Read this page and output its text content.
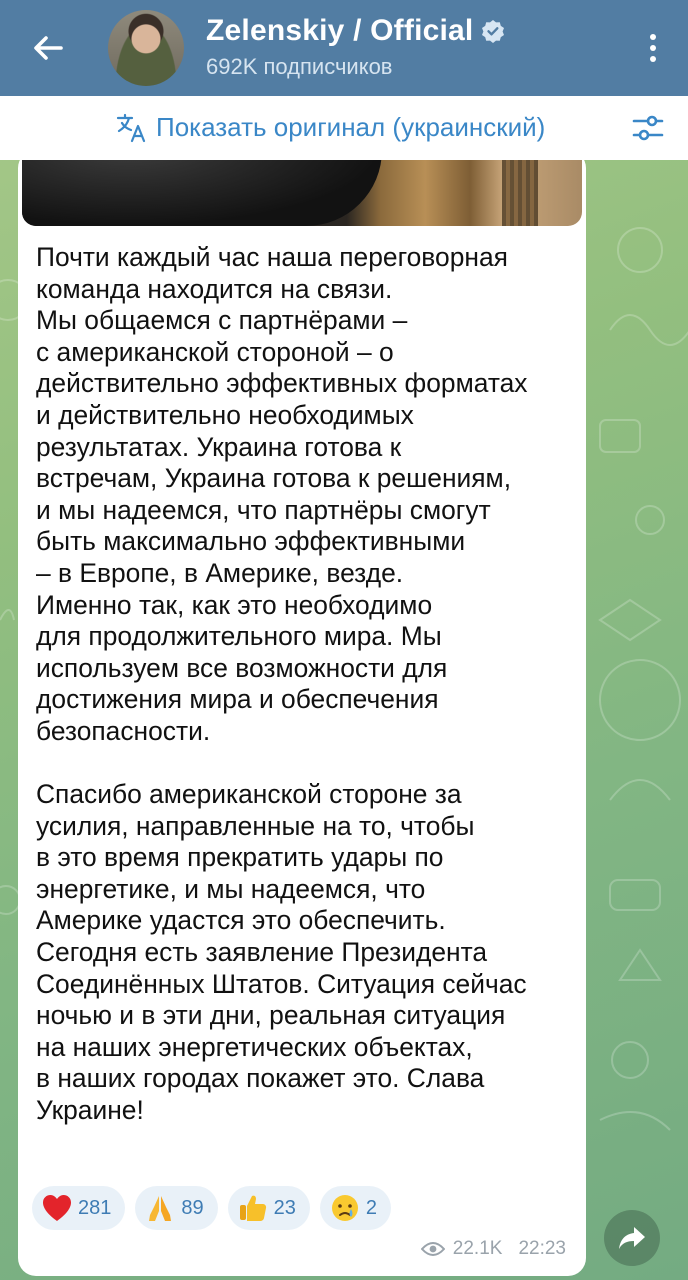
Zelenskiy / Official
692K подписчиков
Показать оригинал (украинский)
Почти каждый час наша переговорная
команда находится на связи.
Мы общаемся с партнёрами –
с американской стороной – о
действительно эффективных форматах
и действительно необходимых
результатах. Украина готова к
встречам, Украина готова к решениям,
и мы надеемся, что партнёры смогут
быть максимально эффективными
– в Европе, в Америке, везде.
Именно так, как это необходимо
для продолжительного мира. Мы
используем все возможности для
достижения мира и обеспечения
безопасности.

Спасибо американской стороне за
усилия, направленные на то, чтобы
в это время прекратить удары по
энергетике, и мы надеемся, что
Америке удастся это обеспечить.
Сегодня есть заявление Президента
Соединённых Штатов. Ситуация сейчас
ночью и в эти дни, реальная ситуация
на наших энергетических объектах,
в наших городах покажет это. Слава
Украине!
281	89	23	2
22.1K 22:23
